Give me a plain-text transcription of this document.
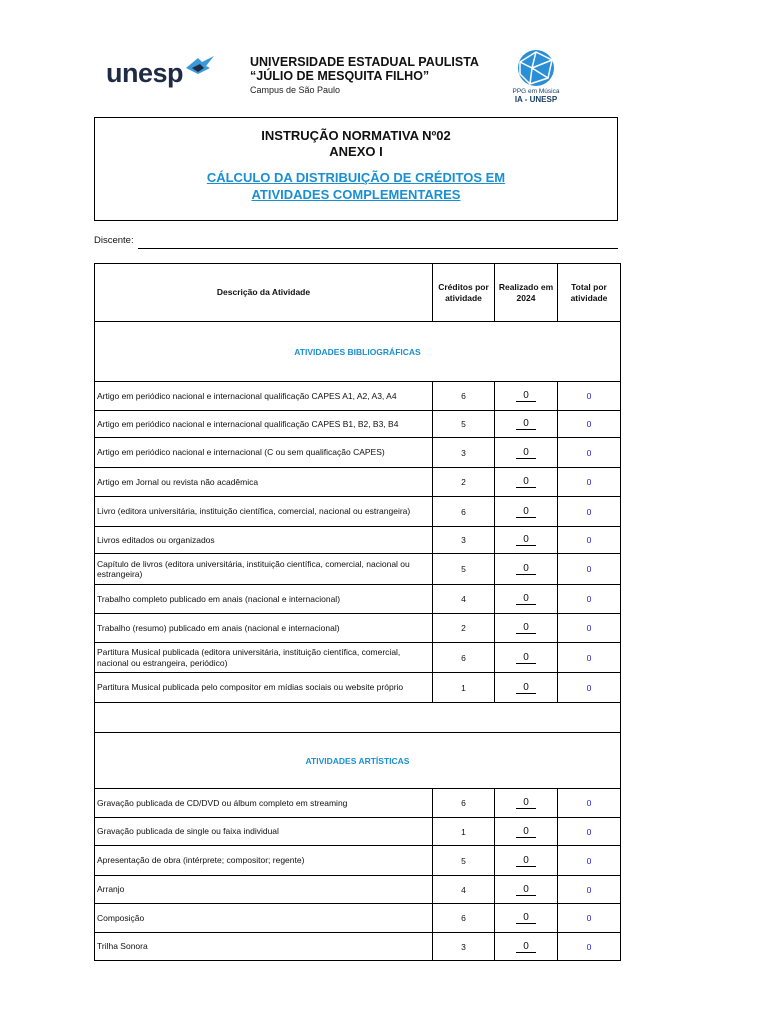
unesp	UNIVERSIDADE ESTADUAL PAULISTA
“JÚLIO DE MESQUITA FILHO”
Campus de São Paulo	PPG em Música
IA - UNESP
INSTRUÇÃO NORMATIVA Nº02
ANEXO I
CÁLCULO DA DISTRIBUIÇÃO DE CRÉDITOS EM
ATIVIDADES COMPLEMENTARES
Discente:
Descrição da Atividade	Créditos por atividade	Realizado em 2024	Total por atividade
ATIVIDADES BIBLIOGRÁFICAS			
Artigo em periódico nacional e internacional qualificação CAPES A1, A2, A3, A4	6	0	0
Artigo em periódico nacional e internacional qualificação CAPES B1, B2, B3, B4	5	0	0
Artigo em periódico nacional e internacional (C ou sem qualificação CAPES)	3	0	0
Artigo em Jornal ou revista não acadêmica	2	0	0
Livro (editora universitária, instituição científica, comercial, nacional ou estrangeira)	6	0	0
Livros editados ou organizados	3	0	0
Capítulo de livros (editora universitária, instituição científica, comercial, nacional ou estrangeira)	5	0	0
Trabalho completo publicado em anais (nacional e internacional)	4	0	0
Trabalho (resumo) publicado em anais (nacional e internacional)	2	0	0
Partitura Musical publicada (editora universitária, instituição científica, comercial, nacional ou estrangeira, periódico)	6	0	0
Partitura Musical publicada pelo compositor em mídias sociais ou website próprio	1	0	0

ATIVIDADES ARTÍSTICAS			
Gravação publicada de CD/DVD ou álbum completo em streaming	6	0	0
Gravação publicada de single ou faixa individual	1	0	0
Apresentação de obra (intérprete; compositor; regente)	5	0	0
Arranjo	4	0	0
Composição	6	0	0
Trilha Sonora	3	0	0
